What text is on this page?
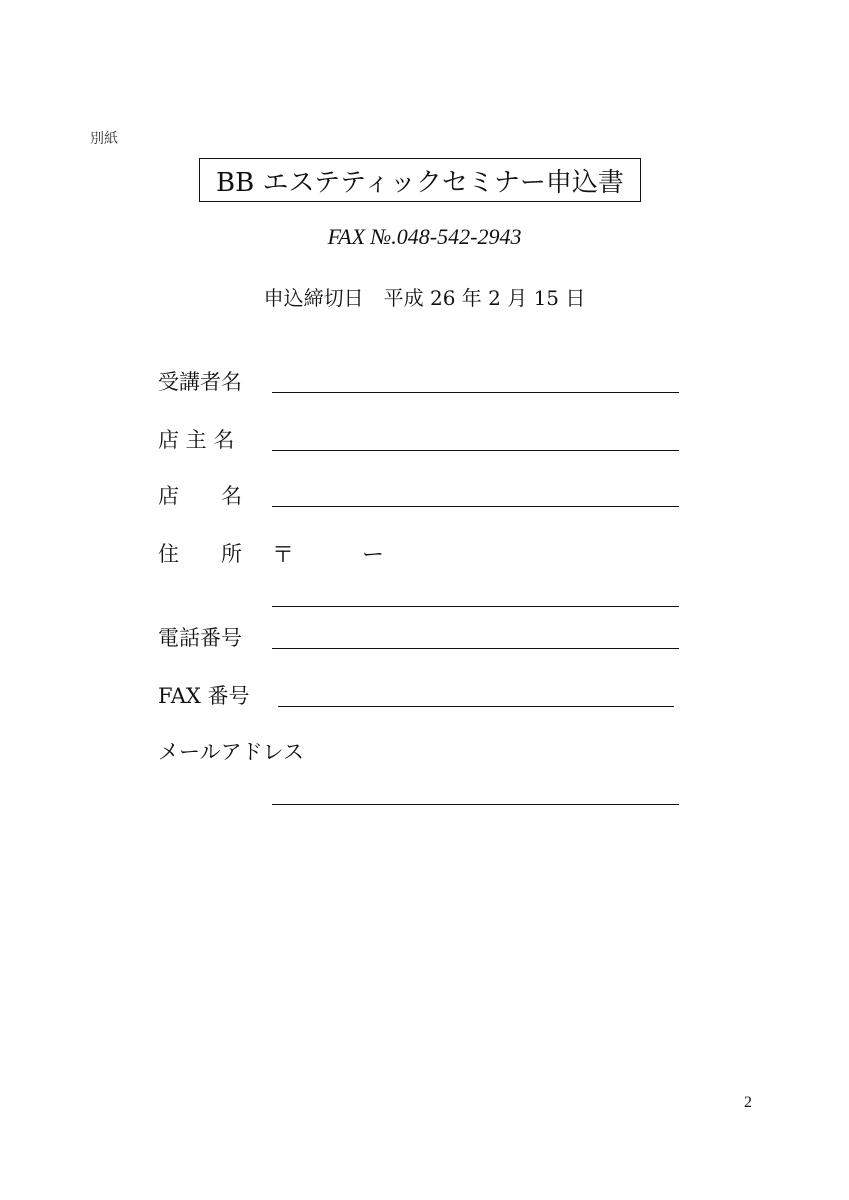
別紙
BB エステティックセミナー申込書
FAX №.048-542-2943
申込締切日　平成 26 年 2 月 15 日
受講者名
店 主 名
店　　名
住　　所 〒	ー
電話番号
FAX 番号
メールアドレス
2
